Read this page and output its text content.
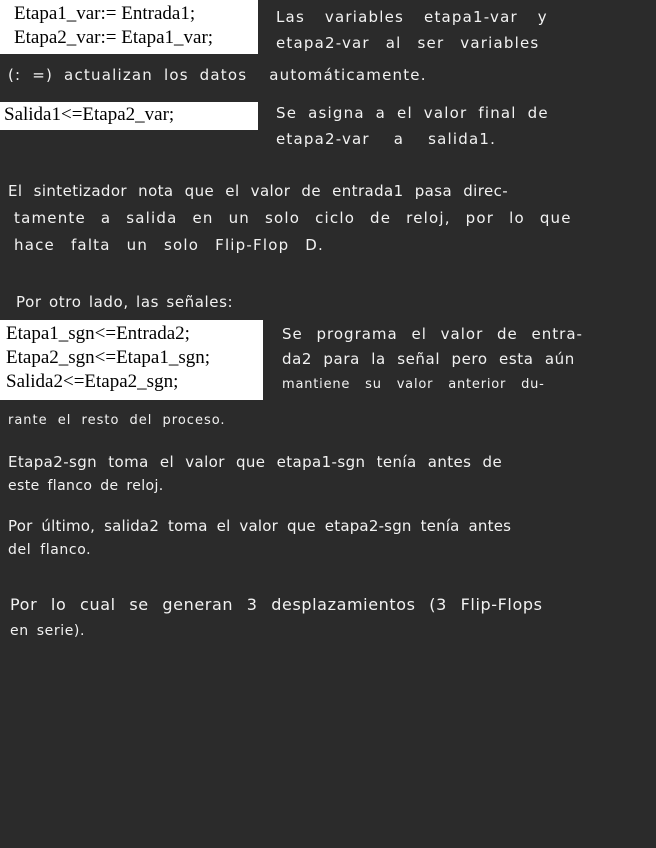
Etapa1_var:= Entrada1;
Etapa2_var:= Etapa1_var;
Las variables etapa1-var y
etapa2-var al ser variables
(: =) actualizan los datos automáticamente.
Salida1<=Etapa2_var;	Se asigna a el valor final de
etapa2-var a salida1.
El sintetizador nota que el valor de entrada1 pasa direc-
tamente a salida en un solo ciclo de reloj, por lo que
hace falta un solo Flip-Flop D.
Por otro lado, las señales:
Etapa1_sgn<=Entrada2;
Etapa2_sgn<=Etapa1_sgn;
Salida2<=Etapa2_sgn;
Se programa el valor de entra-
da2 para la señal pero esta aún
mantiene su valor anterior du-
rante el resto del proceso.
Etapa2-sgn toma el valor que etapa1-sgn tenía antes de
este flanco de reloj.
Por último, salida2 toma el valor que etapa2-sgn tenía antes
del flanco.
Por lo cual se generan 3 desplazamientos (3 Flip-Flops
en serie).
